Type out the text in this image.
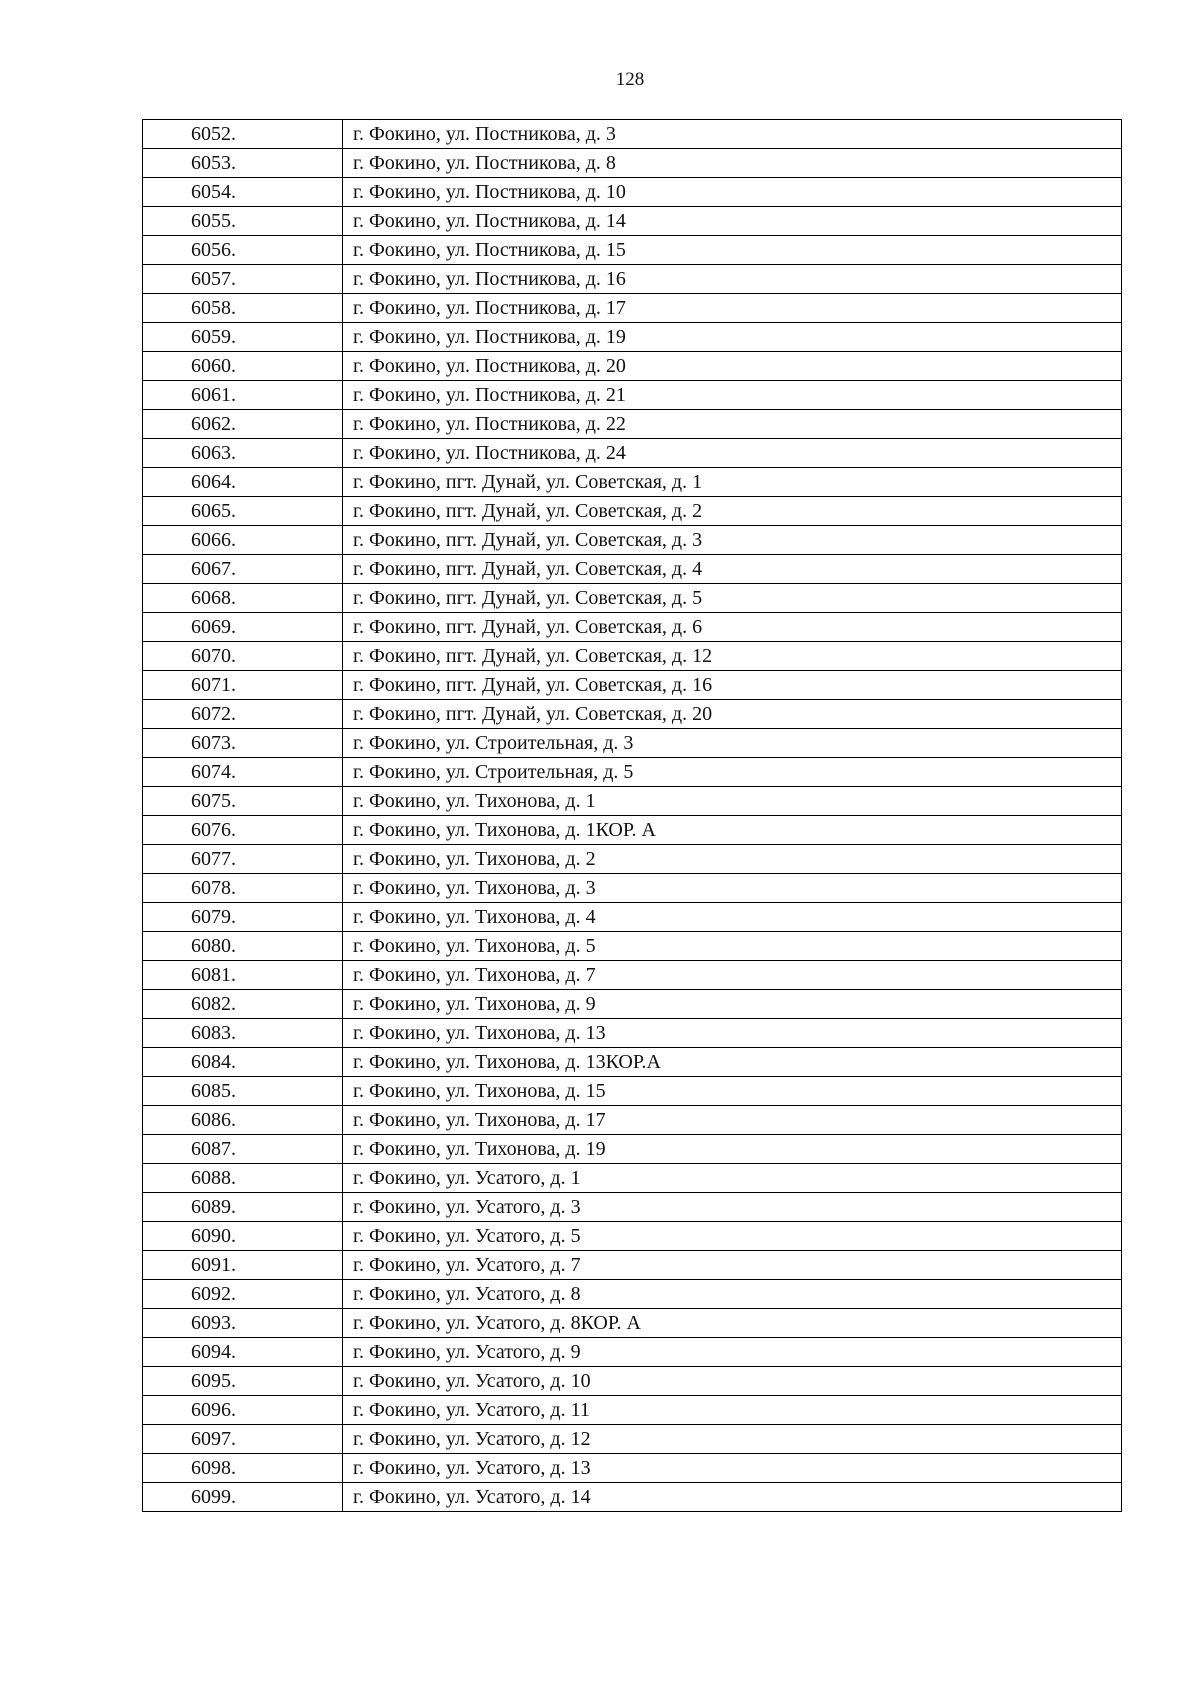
128
6052.	г. Фокино, ул. Постникова, д. 3
6053.	г. Фокино, ул. Постникова, д. 8
6054.	г. Фокино, ул. Постникова, д. 10
6055.	г. Фокино, ул. Постникова, д. 14
6056.	г. Фокино, ул. Постникова, д. 15
6057.	г. Фокино, ул. Постникова, д. 16
6058.	г. Фокино, ул. Постникова, д. 17
6059.	г. Фокино, ул. Постникова, д. 19
6060.	г. Фокино, ул. Постникова, д. 20
6061.	г. Фокино, ул. Постникова, д. 21
6062.	г. Фокино, ул. Постникова, д. 22
6063.	г. Фокино, ул. Постникова, д. 24
6064.	г. Фокино, пгт. Дунай, ул. Советская, д. 1
6065.	г. Фокино, пгт. Дунай, ул. Советская, д. 2
6066.	г. Фокино, пгт. Дунай, ул. Советская, д. 3
6067.	г. Фокино, пгт. Дунай, ул. Советская, д. 4
6068.	г. Фокино, пгт. Дунай, ул. Советская, д. 5
6069.	г. Фокино, пгт. Дунай, ул. Советская, д. 6
6070.	г. Фокино, пгт. Дунай, ул. Советская, д. 12
6071.	г. Фокино, пгт. Дунай, ул. Советская, д. 16
6072.	г. Фокино, пгт. Дунай, ул. Советская, д. 20
6073.	г. Фокино, ул. Строительная, д. 3
6074.	г. Фокино, ул. Строительная, д. 5
6075.	г. Фокино, ул. Тихонова, д. 1
6076.	г. Фокино, ул. Тихонова, д. 1КОР. А
6077.	г. Фокино, ул. Тихонова, д. 2
6078.	г. Фокино, ул. Тихонова, д. 3
6079.	г. Фокино, ул. Тихонова, д. 4
6080.	г. Фокино, ул. Тихонова, д. 5
6081.	г. Фокино, ул. Тихонова, д. 7
6082.	г. Фокино, ул. Тихонова, д. 9
6083.	г. Фокино, ул. Тихонова, д. 13
6084.	г. Фокино, ул. Тихонова, д. 13КОР.А
6085.	г. Фокино, ул. Тихонова, д. 15
6086.	г. Фокино, ул. Тихонова, д. 17
6087.	г. Фокино, ул. Тихонова, д. 19
6088.	г. Фокино, ул. Усатого, д. 1
6089.	г. Фокино, ул. Усатого, д. 3
6090.	г. Фокино, ул. Усатого, д. 5
6091.	г. Фокино, ул. Усатого, д. 7
6092.	г. Фокино, ул. Усатого, д. 8
6093.	г. Фокино, ул. Усатого, д. 8КОР. А
6094.	г. Фокино, ул. Усатого, д. 9
6095.	г. Фокино, ул. Усатого, д. 10
6096.	г. Фокино, ул. Усатого, д. 11
6097.	г. Фокино, ул. Усатого, д. 12
6098.	г. Фокино, ул. Усатого, д. 13
6099.	г. Фокино, ул. Усатого, д. 14
